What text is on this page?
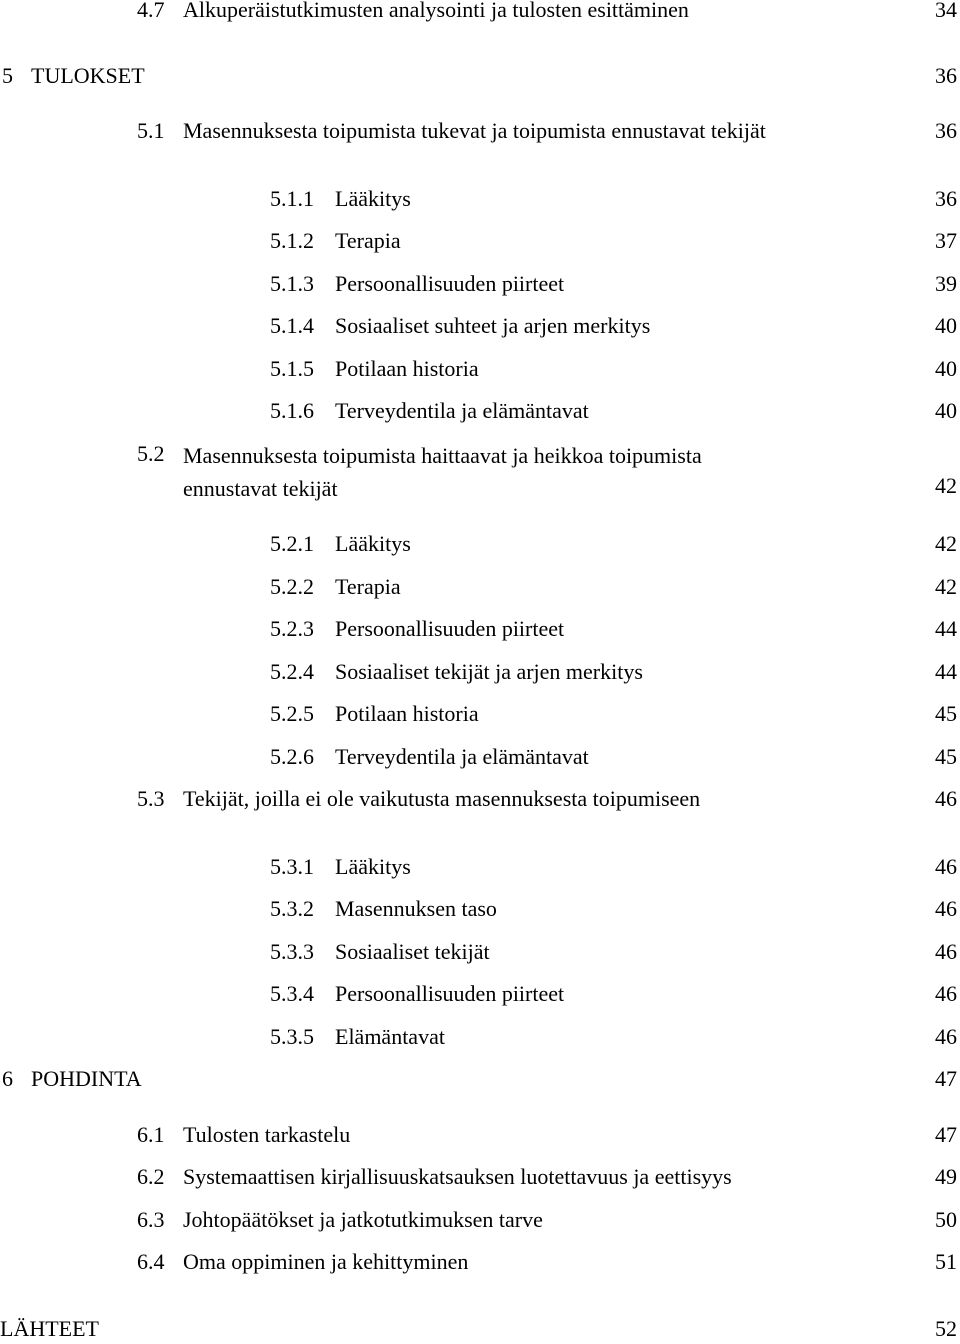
4.7 Alkuperäistutkimusten analysointi ja tulosten esittäminen	34
5 TULOKSET	36
5.1 Masennuksesta toipumista tukevat ja toipumista ennustavat tekijät	36
5.1.1 Lääkitys	36
5.1.2 Terapia	37
5.1.3 Persoonallisuuden piirteet	39
5.1.4 Sosiaaliset suhteet ja arjen merkitys	40
5.1.5 Potilaan historia	40
5.1.6 Terveydentila ja elämäntavat	40
5.2 Masennuksesta toipumista haittaavat ja heikkoa toipumista
ennustavat tekijät	42
5.2.1 Lääkitys	42
5.2.2 Terapia	42
5.2.3 Persoonallisuuden piirteet	44
5.2.4 Sosiaaliset tekijät ja arjen merkitys	44
5.2.5 Potilaan historia	45
5.2.6 Terveydentila ja elämäntavat	45
5.3 Tekijät, joilla ei ole vaikutusta masennuksesta toipumiseen	46
5.3.1 Lääkitys	46
5.3.2 Masennuksen taso	46
5.3.3 Sosiaaliset tekijät	46
5.3.4 Persoonallisuuden piirteet	46
5.3.5 Elämäntavat	46
6 POHDINTA	47
6.1 Tulosten tarkastelu	47
6.2 Systemaattisen kirjallisuuskatsauksen luotettavuus ja eettisyys	49
6.3 Johtopäätökset ja jatkotutkimuksen tarve	50
6.4 Oma oppiminen ja kehittyminen	51
LÄHTEET	52
